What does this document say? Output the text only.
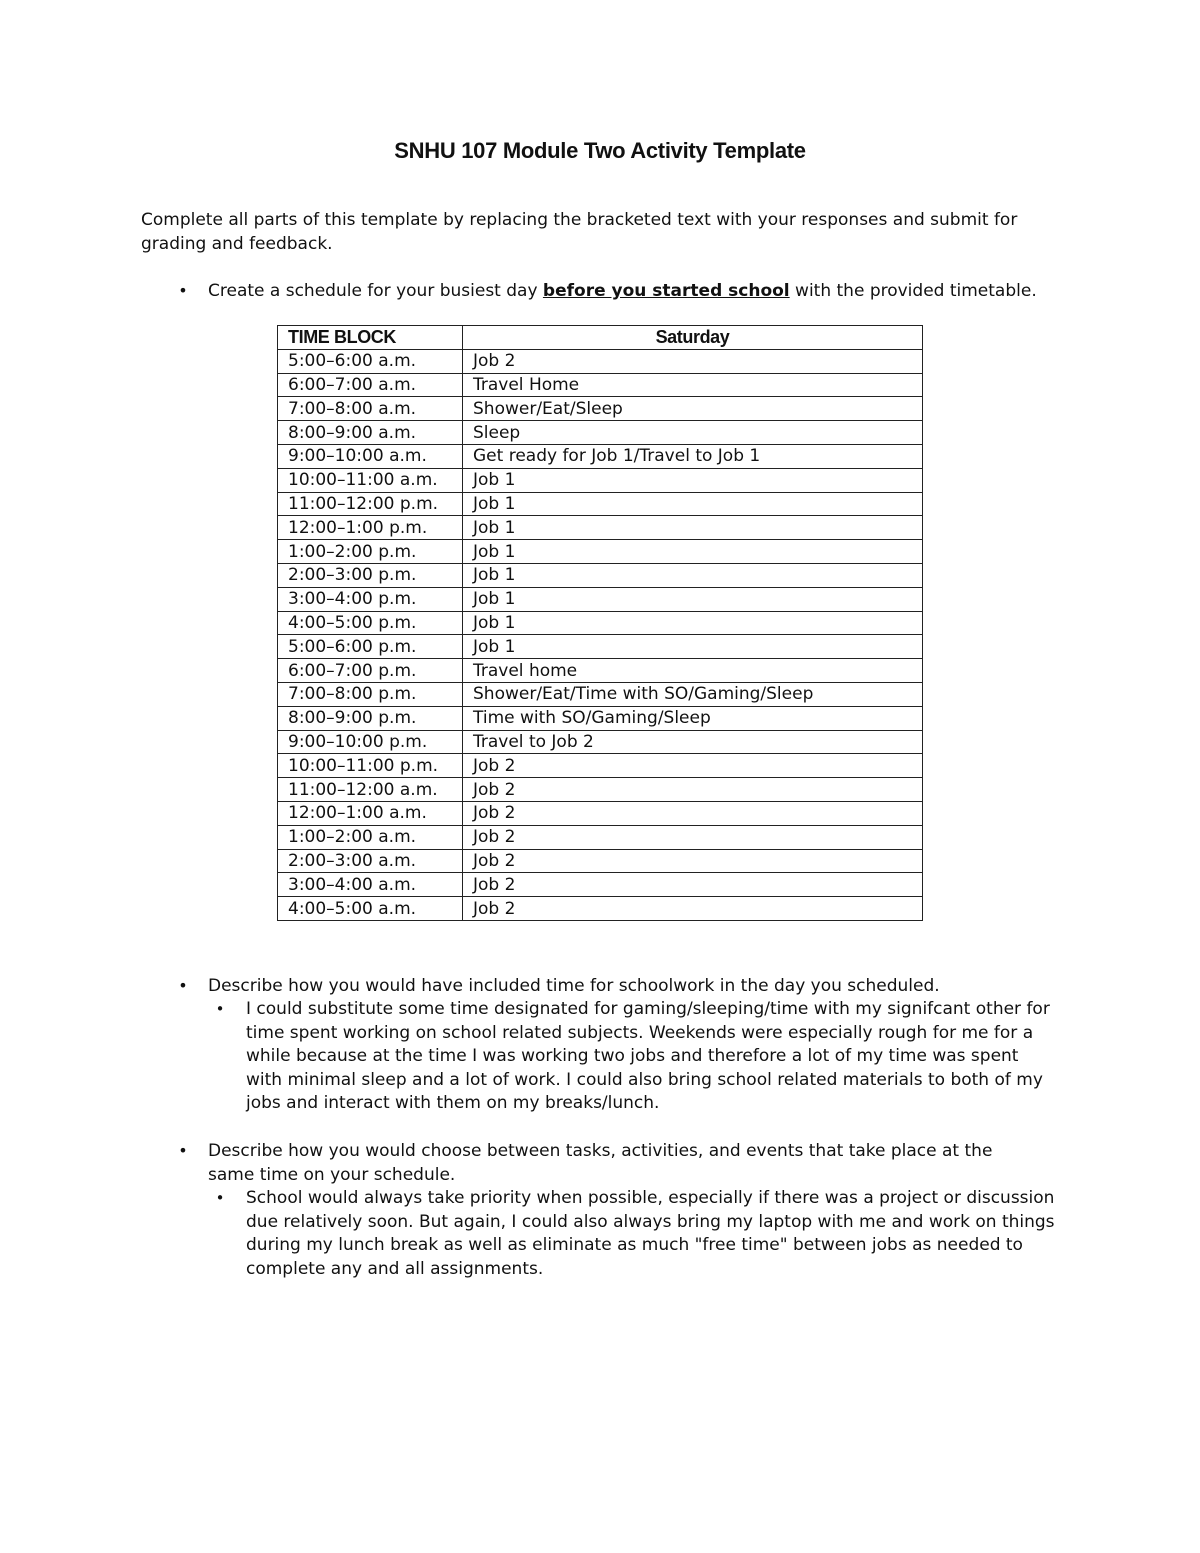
SNHU 107 Module Two Activity Template
Complete all parts of this template by replacing the bracketed text with your responses and submit for grading and feedback.
•	Create a schedule for your busiest day before you started school with the provided timetable.
TIME BLOCK	Saturday
5:00–6:00 a.m.	Job 2
6:00–7:00 a.m.	Travel Home
7:00–8:00 a.m.	Shower/Eat/Sleep
8:00–9:00 a.m.	Sleep
9:00–10:00 a.m.	Get ready for Job 1/Travel to Job 1
10:00–11:00 a.m.	Job 1
11:00–12:00 p.m.	Job 1
12:00–1:00 p.m.	Job 1
1:00–2:00 p.m.	Job 1
2:00–3:00 p.m.	Job 1
3:00–4:00 p.m.	Job 1
4:00–5:00 p.m.	Job 1
5:00–6:00 p.m.	Job 1
6:00–7:00 p.m.	Travel home
7:00–8:00 p.m.	Shower/Eat/Time with SO/Gaming/Sleep
8:00–9:00 p.m.	Time with SO/Gaming/Sleep
9:00–10:00 p.m.	Travel to Job 2
10:00–11:00 p.m.	Job 2
11:00–12:00 a.m.	Job 2
12:00–1:00 a.m.	Job 2
1:00–2:00 a.m.	Job 2
2:00–3:00 a.m.	Job 2
3:00–4:00 a.m.	Job 2
4:00–5:00 a.m.	Job 2
•	Describe how you would have included time for schoolwork in the day you scheduled.
• I could substitute some time designated for gaming/sleeping/time with my signifcant other for time spent working on school related subjects. Weekends were especially rough for me for a while because at the time I was working two jobs and therefore a lot of my time was spent with minimal sleep and a lot of work. I could also bring school related materials to both of my jobs and interact with them on my breaks/lunch.
•	Describe how you would choose between tasks, activities, and events that take place at the same time on your schedule.
• School would always take priority when possible, especially if there was a project or discussion due relatively soon. But again, I could also always bring my laptop with me and work on things during my lunch break as well as eliminate as much "free time" between jobs as needed to complete any and all assignments.
